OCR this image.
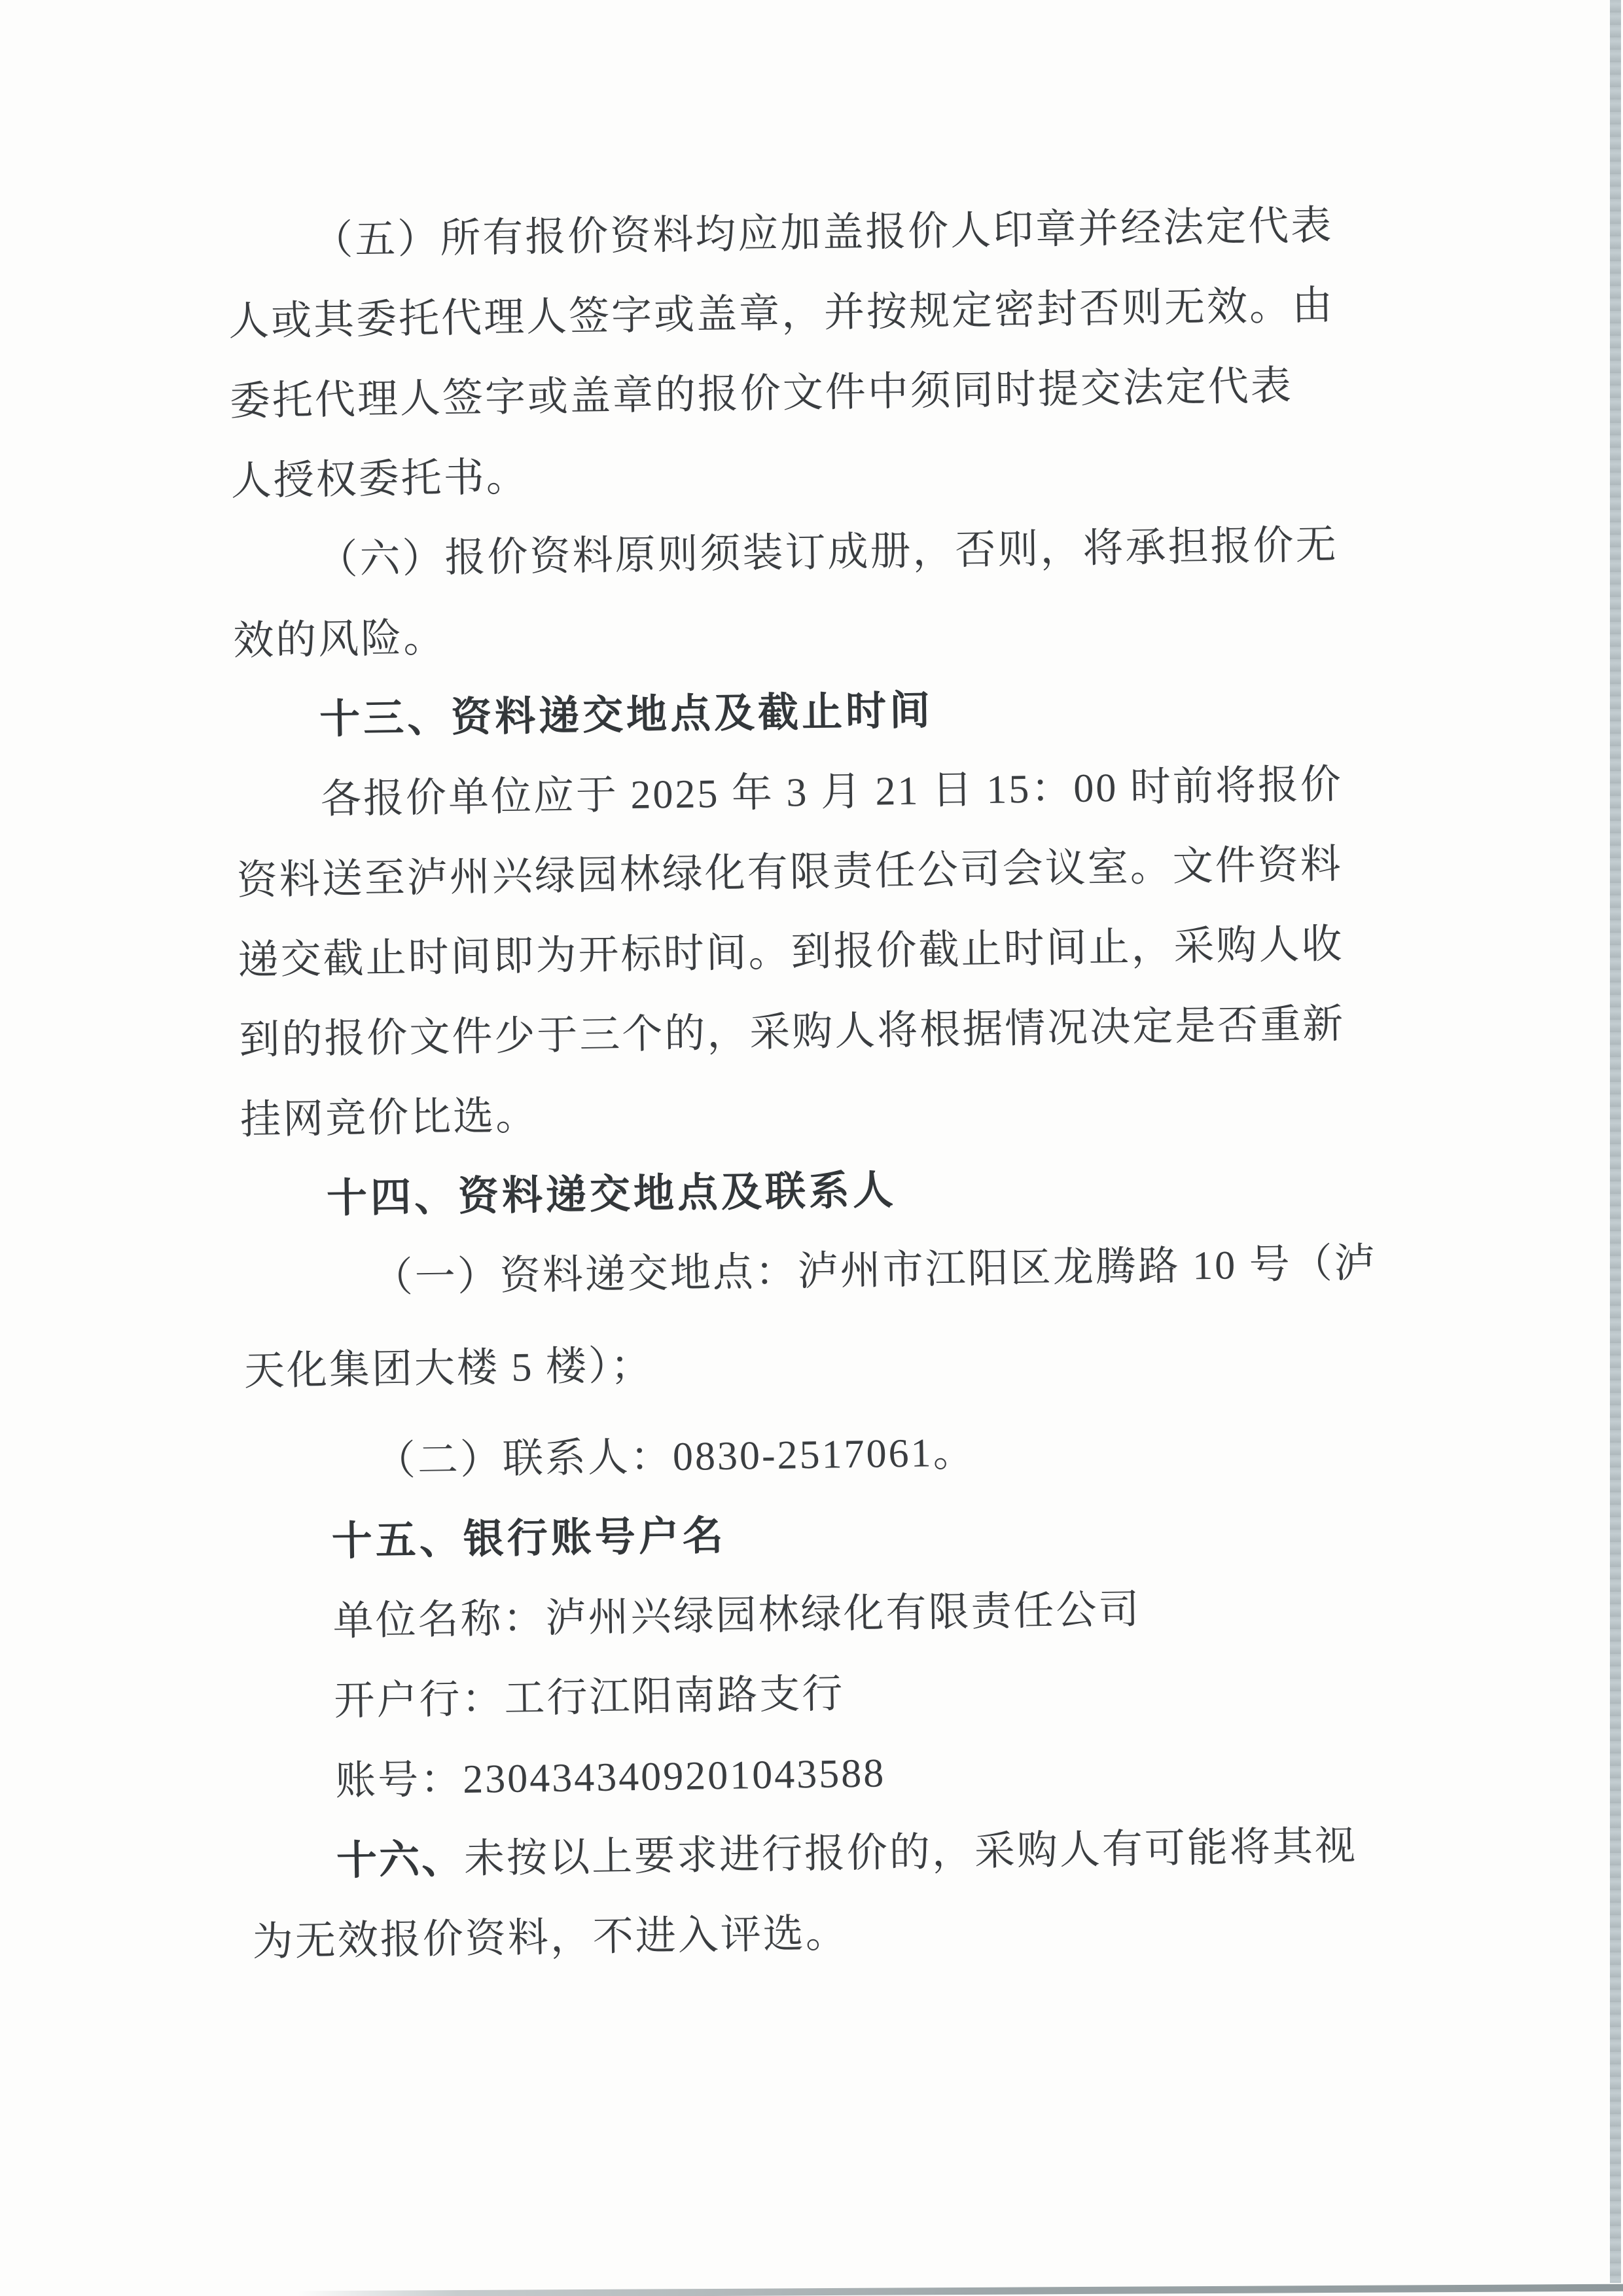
（五）所有报价资料均应加盖报价人印章并经法定代表
人或其委托代理人签字或盖章，并按规定密封否则无效。由
委托代理人签字或盖章的报价文件中须同时提交法定代表
人授权委托书。
（六）报价资料原则须装订成册，否则，将承担报价无
效的风险。
十三、资料递交地点及截止时间
各报价单位应于 2025 年 3 月 21 日 15：00 时前将报价
资料送至泸州兴绿园林绿化有限责任公司会议室。文件资料
递交截止时间即为开标时间。到报价截止时间止，采购人收
到的报价文件少于三个的，采购人将根据情况决定是否重新
挂网竞价比选。
十四、资料递交地点及联系人
（一）资料递交地点：泸州市江阳区龙腾路 10 号（泸
天化集团大楼 5 楼）；
（二）联系人：0830-2517061。
十五、银行账号户名
单位名称：泸州兴绿园林绿化有限责任公司
开户行：工行江阳南路支行
账号：2304343409201043588
十六、未按以上要求进行报价的，采购人有可能将其视
为无效报价资料，不进入评选。
